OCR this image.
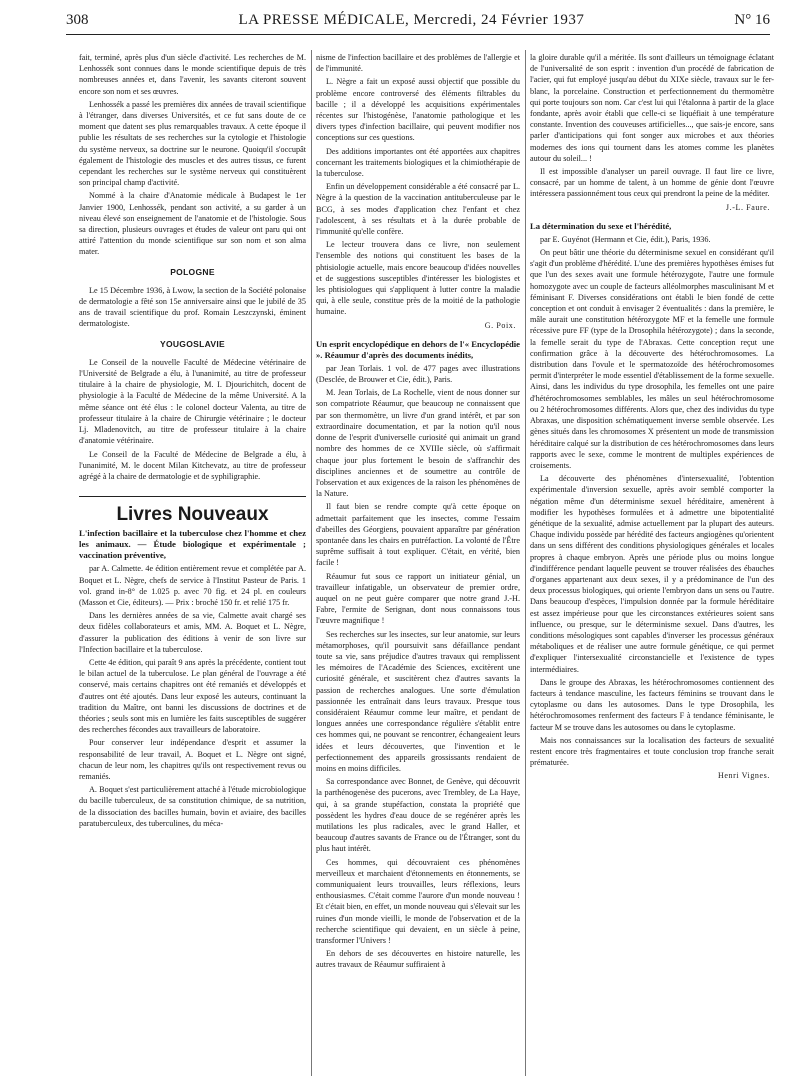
308	LA PRESSE MÉDICALE, Mercredi, 24 Février 1937	N° 16

fait, terminé, après plus d'un siècle d'activité. Les recherches de M. Lenhossék sont connues dans le monde scientifique depuis de très nombreuses années et, dans l'avenir, les savants citeront souvent encore son nom et ses œuvres.

Lenhossék a passé les premières dix années de travail scientifique à l'étranger, dans diverses Universités, et ce fut sans doute de ce moment que datent ses plus remarquables travaux. A cette époque il publie les résultats de ses recherches sur la cytologie et l'histologie du système nerveux, sa doctrine sur le neurone. Quoiqu'il s'occupât également de l'histologie des muscles et des autres tissus, ce furent cependant les recherches sur le système nerveux qui constituèrent son principal champ d'activité.

Nommé à la chaire d'Anatomie médicale à Budapest le 1er Janvier 1900, Lenhossék, pendant son activité, a su garder à un niveau élevé son enseignement de l'anatomie et de l'histologie. Sous sa direction, plusieurs ouvrages et études de valeur ont paru qui ont attiré l'attention du monde scientifique sur son nom et son alma mater.

POLOGNE

Le 15 Décembre 1936, à Lwow, la section de la Société polonaise de dermatologie a fêté son 15e anniversaire ainsi que le jubilé de 35 ans de travail scientifique du prof. Romain Leszczynski, éminent dermatologiste.

YOUGOSLAVIE

Le Conseil de la nouvelle Faculté de Médecine vétérinaire de l'Université de Belgrade a élu, à l'unanimité, au titre de professeur titulaire à la chaire de physiologie, M. I. Djourichitch, docent de physiologie à la Faculté de Médecine de la même Université. A la même séance ont été élus : le colonel docteur Valenta, au titre de professeur titulaire à la chaire de Chirurgie vétérinaire ; le docteur Lj. Mladenovitch, au titre de professeur titulaire à la chaire d'anatomie vétérinaire.

Le Conseil de la Faculté de Médecine de Belgrade a élu, à l'unanimité, M. le docent Milan Kitchevatz, au titre de professeur agrégé à la chaire de dermatologie et de syphiligraphie.

Livres Nouveaux

L'infection bacillaire et la tuberculose chez l'homme et chez les animaux. — Étude biologique et expérimentale ; vaccination préventive,

par A. Calmette. 4e édition entièrement revue et complétée par A. Boquet et L. Nègre, chefs de service à l'Institut Pasteur de Paris. 1 vol. grand in-8° de 1.025 p. avec 70 fig. et 24 pl. en couleurs (Masson et Cie, éditeurs). — Prix : broché 150 fr. et relié 175 fr.

Dans les dernières années de sa vie, Calmette avait chargé ses deux fidèles collaborateurs et amis, MM. A. Boquet et L. Nègre, d'assurer la publication des éditions à venir de son livre sur l'Infection bacillaire et la tuberculose.

Cette 4e édition, qui paraît 9 ans après la précédente, contient tout le bilan actuel de la tuberculose. Le plan général de l'ouvrage a été conservé, mais certains chapitres ont été remaniés et développés et d'autres ont été ajoutés. Dans leur exposé les auteurs, continuant la tradition du Maître, ont banni les discussions de doctrines et de théories ; seuls sont mis en lumière les faits susceptibles de suggérer des recherches fécondes aux travailleurs de laboratoire.

Pour conserver leur indépendance d'esprit et assumer la responsabilité de leur travail, A. Boquet et L. Nègre ont signé, chacun de leur nom, les chapitres qu'ils ont respectivement revus ou remaniés.

A. Boquet s'est particulièrement attaché à l'étude microbiologique du bacille tuberculeux, de sa constitution chimique, de sa nutrition, de la dissociation des bacilles humain, bovin et aviaire, des bacilles paratuberculeux, des tuberculines, du méca-

nisme de l'infection bacillaire et des problèmes de l'allergie et de l'immunité.

L. Nègre a fait un exposé aussi objectif que possible du problème encore controversé des éléments filtrables du bacille ; il a développé les acquisitions expérimentales récentes sur l'histogénèse, l'anatomie pathologique et les divers types d'infection bacillaire, qui peuvent modifier nos conceptions sur ces questions.

Des additions importantes ont été apportées aux chapitres concernant les traitements biologiques et la chimiothérapie de la tuberculose.

Enfin un développement considérable a été consacré par L. Nègre à la question de la vaccination antituberculeuse par le BCG, à ses modes d'application chez l'enfant et chez l'adolescent, à ses résultats et à la durée probable de l'immunité qu'elle confère.

Le lecteur trouvera dans ce livre, non seulement l'ensemble des notions qui constituent les bases de la phtisiologie actuelle, mais encore beaucoup d'idées nouvelles et de suggestions susceptibles d'intéresser les biologistes et les phtisiologues qui s'appliquent à lutter contre la maladie qui, à elle seule, constitue près de la moitié de la pathologie humaine.

G. Poix.

Un esprit encyclopédique en dehors de l'« Encyclopédie ». Réaumur d'après des documents inédits,

par Jean Torlais. 1 vol. de 477 pages avec illustrations (Desclée, de Brouwer et Cie, édit.), Paris.

M. Jean Torlais, de La Rochelle, vient de nous donner sur son compatriote Réaumur, que beaucoup ne connaissent que par son thermomètre, un livre d'un grand intérêt, et par son extraordinaire documentation, et par la notion qu'il nous donne de l'esprit d'universelle curiosité qui animait un grand nombre des hommes de ce XVIIIe siècle, où s'affirmait chaque jour plus fortement le besoin de s'affranchir des disciplines anciennes et de soumettre au contrôle de l'observation et aux exigences de la raison les phénomènes de la Nature.

Il faut bien se rendre compte qu'à cette époque on admettait parfaitement que les insectes, comme l'essaim d'abeilles des Géorgiens, pouvaient apparaître par génération spontanée dans les chairs en putréfaction. La volonté de l'Être suprême suffisait à tout expliquer. C'était, en vérité, bien facile !

Réaumur fut sous ce rapport un initiateur génial, un travailleur infatigable, un observateur de premier ordre, auquel on ne peut guère comparer que notre grand J.-H. Fabre, l'ermite de Serignan, dont nous connaissons tous l'œuvre magnifique !

Ses recherches sur les insectes, sur leur anatomie, sur leurs métamorphoses, qu'il poursuivit sans défaillance pendant toute sa vie, sans préjudice d'autres travaux qui remplissent les mémoires de l'Académie des Sciences, excitèrent une curiosité générale, et suscitèrent chez d'autres savants la passion de recherches analogues. Une sorte d'émulation passionnée les entraînait dans leurs travaux. Presque tous considéraient Réaumur comme leur maître, et pendant de longues années une correspondance régulière s'établit entre ces hommes qui, ne pouvant se rencontrer, échangeaient leurs idées et leurs découvertes, que l'invention et le perfectionnement des appareils grossissants rendaient de moins en moins difficiles.

Sa correspondance avec Bonnet, de Genève, qui découvrit la parthénogenèse des pucerons, avec Trembley, de La Haye, qui, à sa grande stupéfaction, constata la propriété que possèdent les hydres d'eau douce de se regénérer après les mutilations les plus radicales, avec le grand Haller, et beaucoup d'autres savants de France ou de l'Étranger, sont du plus haut intérêt.

Ces hommes, qui découvraient ces phénomènes merveilleux et marchaient d'étonnements en étonnements, se communiquaient leurs trouvailles, leurs réflexions, leurs enthousiasmes. C'était comme l'aurore d'un monde nouveau ! Et c'était bien, en effet, un monde nouveau qui s'élevait sur les ruines d'un monde vieilli, le monde de l'observation et de la recherche scientifique qui devaient, en un siècle à peine, transformer l'Univers !

En dehors de ses découvertes en histoire naturelle, les autres travaux de Réaumur suffiraient à

la gloire durable qu'il a méritée. Ils sont d'ailleurs un témoignage éclatant de l'universalité de son esprit : invention d'un procédé de fabrication de l'acier, qui fut employé jusqu'au début du XIXe siècle, travaux sur le fer-blanc, la porcelaine. Construction et perfectionnement du thermomètre qui porte toujours son nom. Car c'est lui qui l'étalonna à partir de la glace fondante, après avoir établi que celle-ci se liquéfiait à une température constante. Invention des couveuses artificielles..., que sais-je encore, sans parler d'anticipations qui font songer aux microbes et aux théories modernes des ions qui tournent dans les atomes comme les planètes autour du soleil... !

Il est impossible d'analyser un pareil ouvrage. Il faut lire ce livre, consacré, par un homme de talent, à un homme de génie dont l'œuvre intéressera passionnément tous ceux qui prendront la peine de la méditer.

J.-L. Faure.

La détermination du sexe et l'hérédité,

par E. Guyénot (Hermann et Cie, édit.), Paris, 1936.

On peut bâtir une théorie du déterminisme sexuel en considérant qu'il s'agit d'un problème d'hérédité. L'une des premières hypothèses émises fut que l'un des sexes avait une formule hétérozygote, l'autre une formule homozygote avec un couple de facteurs alléolmorphes masculinisant M et féminisant F. Diverses considérations ont établi le bien fondé de cette conception et ont conduit à envisager 2 éventualités : dans la première, le mâle aurait une constitution hétérozygote MF et la femelle une formule récessive pure FF (type de la Drosophila hétérozygote) ; dans la seconde, la femelle serait du type de l'Abraxas. Cette conception reçut une confirmation grâce à la découverte des hétérochromosomes. La distribution dans l'ovule et le spermatozoïde des hétérochromosomes permit d'interpréter le mode essentiel d'établissement de la forme sexuelle. Ainsi, dans les individus du type drosophila, les femelles ont une paire d'hétérochromosomes semblables, les mâles un seul hétérochromosome ou 2 hétérochromosomes différents. Alors que, chez des individus du type Abraxas, une disposition schématiquement inverse semble observée. Les gènes situés dans les chromosomes X présentent un mode de transmission héréditaire calqué sur la distribution de ces hétérochromosomes dans leurs rapports avec le sexe, comme le montrent de multiples expériences de croisements.

La découverte des phénomènes d'intersexualité, l'obtention expérimentale d'inversion sexuelle, après avoir semblé comporter la négation même d'un déterminisme sexuel héréditaire, amenèrent à modifier les hypothèses formulées et à admettre une bipotentialité génétique de la sexualité, admise actuellement par la plupart des auteurs. Chaque individu possède par hérédité des facteurs angiogènes qu'orientent dans un sens différent des conditions physiologiques générales et locales propres à chaque embryon. Après une période plus ou moins longue d'indifférence pendant laquelle peuvent se trouver réalisées des ébauches d'organes appartenant aux deux sexes, il y a prédominance de l'un des deux processus biologiques, qui oriente l'embryon dans un sens ou l'autre. Dans beaucoup d'espèces, l'impulsion donnée par la formule héréditaire est assez impérieuse pour que les circonstances extérieures soient sans influence, ou presque, sur le déterminisme sexuel. Dans d'autres, les conditions mésologiques sont capables d'inverser les processus généraux métaboliques et de réaliser une autre formule génétique, ce qui permet d'expliquer l'intersexualité circonstancielle et l'existence de types intermédiaires.

Dans le groupe des Abraxas, les hétérochromosomes contiennent des facteurs à tendance masculine, les facteurs féminins se trouvant dans le cytoplasme ou dans les autosomes. Dans le type Drosophila, les hétérochromosomes renferment des facteurs F à tendance féminisante, le facteur M se trouve dans les autosomes ou dans le cytoplasme.

Mais nos connaissances sur la localisation des facteurs de sexualité restent encore très fragmentaires et toute conclusion trop franche serait prématurée.

Henri Vignes.
